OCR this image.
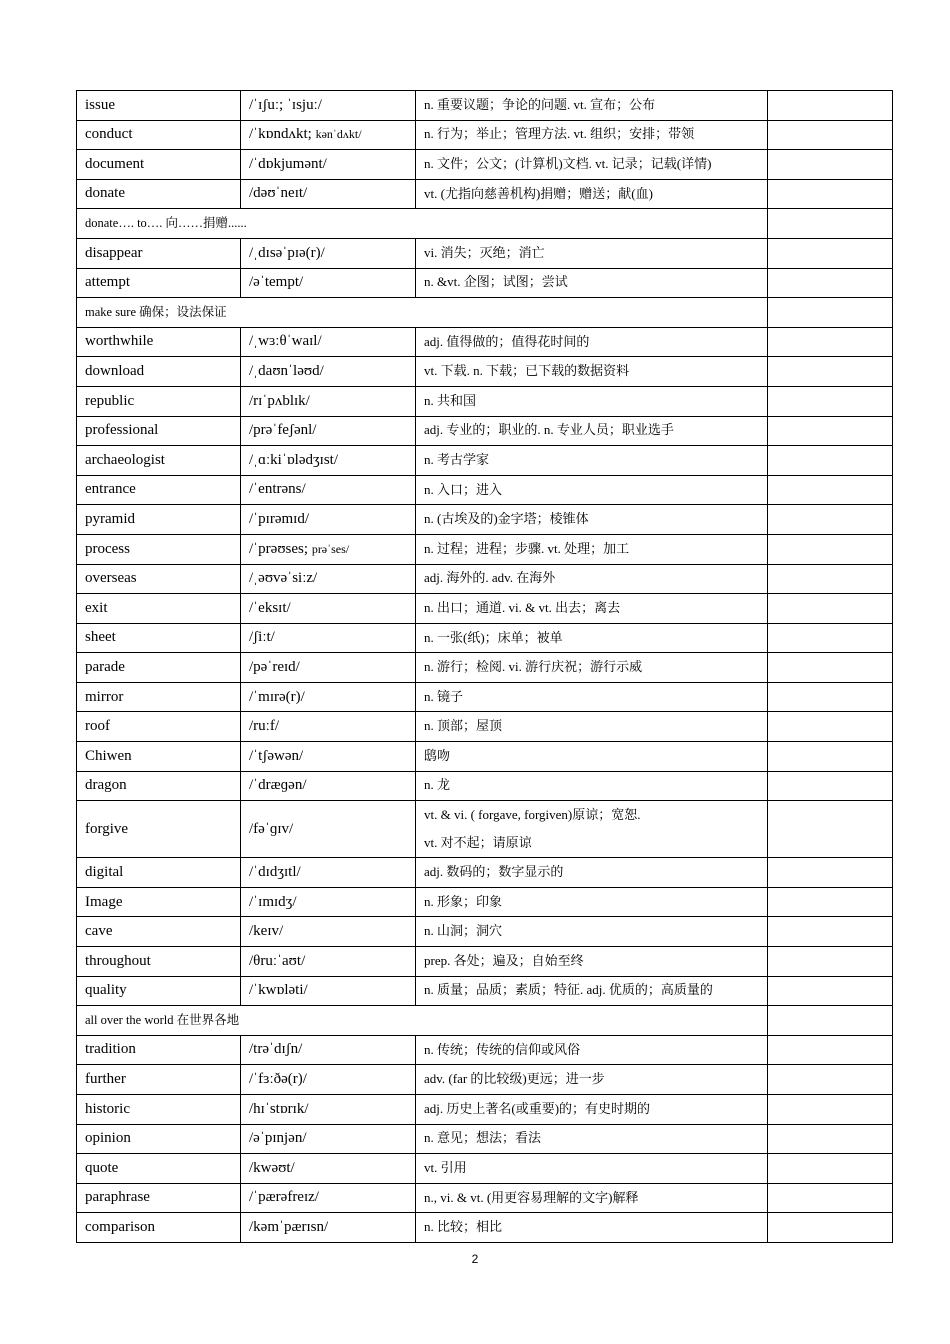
issue	/ˈɪʃuː; ˈɪsjuː/	n. 重要议题；争论的问题. vt. 宣布；公布	
conduct	/ˈkɒndʌkt; kənˈdʌkt/	n. 行为；举止；管理方法. vt. 组织；安排；带领	
document	/ˈdɒkjumənt/	n. 文件；公文；(计算机)文档. vt. 记录；记载(详情)	
donate	/dəʊˈneɪt/	vt. (尤指向慈善机构)捐赠；赠送；献(血)	
donate…. to…. 向……捐赠......			
disappear	/ˌdɪsəˈpɪə(r)/	vi. 消失；灭绝；消亡	
attempt	/əˈtempt/	n. &vt. 企图；试图；尝试	
make sure 确保；设法保证			
worthwhile	/ˌwɜːθˈwaɪl/	adj. 值得做的；值得花时间的	
download	/ˌdaʊnˈləʊd/	vt. 下载. n. 下载；已下载的数据资料	
republic	/rɪˈpʌblɪk/	n. 共和国	
professional	/prəˈfeʃənl/	adj. 专业的；职业的. n. 专业人员；职业选手	
archaeologist	/ˌɑːkiˈɒlədʒɪst/	n. 考古学家	
entrance	/ˈentrəns/	n. 入口；进入	
pyramid	/ˈpɪrəmɪd/	n. (古埃及的)金字塔；棱锥体	
process	/ˈprəʊses; prəˈses/	n. 过程；进程；步骤. vt. 处理；加工	
overseas	/ˌəʊvəˈsiːz/	adj. 海外的. adv. 在海外	
exit	/ˈeksɪt/	n. 出口；通道. vi. & vt. 出去；离去	
sheet	/ʃiːt/	n. 一张(纸)；床单；被单	
parade	/pəˈreɪd/	n. 游行；检阅. vi. 游行庆祝；游行示威	
mirror	/ˈmɪrə(r)/	n. 镜子	
roof	/ruːf/	n. 顶部；屋顶	
Chiwen	/ˈtʃəwən/	鸱吻	
dragon	/ˈdræɡən/	n. 龙	
forgive	/fəˈɡɪv/	vt. & vi. ( forgave, forgiven)原谅；宽恕.
vt. 对不起；请原谅	

digital	/ˈdɪdʒɪtl/	adj. 数码的；数字显示的	
Image	/ˈɪmɪdʒ/	n. 形象；印象	
cave	/keɪv/	n. 山洞；洞穴	
throughout	/θruːˈaʊt/	prep. 各处；遍及；自始至终	
quality	/ˈkwɒləti/	n. 质量；品质；素质；特征. adj. 优质的；高质量的	
all over the world 在世界各地			
tradition	/trəˈdɪʃn/	n. 传统；传统的信仰或风俗	
further	/ˈfɜːðə(r)/	adv. (far 的比较级)更远；进一步	
historic	/hɪˈstɒrɪk/	adj. 历史上著名(或重要)的；有史时期的	
opinion	/əˈpɪnjən/	n. 意见；想法；看法	
quote	/kwəʊt/	vt. 引用	
paraphrase	/ˈpærəfreɪz/	n., vi. & vt. (用更容易理解的文字)解释	
comparison	/kəmˈpærɪsn/	n. 比较；相比	
2
